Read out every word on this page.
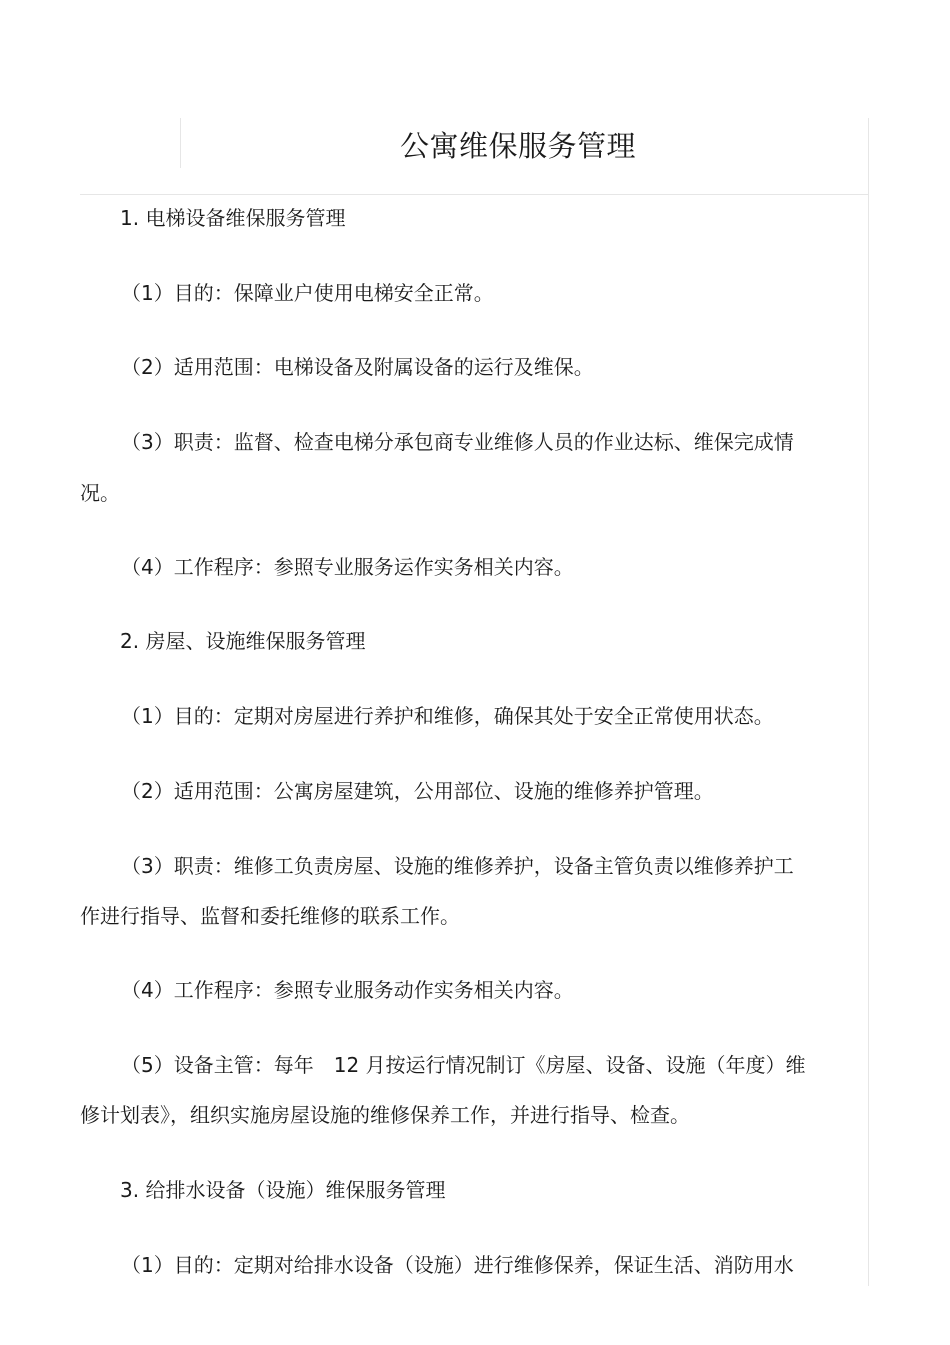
公寓维保服务管理

1. 电梯设备维保服务管理

（1）目的：保障业户使用电梯安全正常。

（2）适用范围：电梯设备及附属设备的运行及维保。

（3）职责：监督、检查电梯分承包商专业维修人员的作业达标、维保完成情

况。

（4）工作程序：参照专业服务运作实务相关内容。

2. 房屋、设施维保服务管理

（1）目的：定期对房屋进行养护和维修，确保其处于安全正常使用状态。

（2）适用范围：公寓房屋建筑，公用部位、设施的维修养护管理。

（3）职责：维修工负责房屋、设施的维修养护，设备主管负责以维修养护工

作进行指导、监督和委托维修的联系工作。

（4）工作程序：参照专业服务动作实务相关内容。

（5）设备主管：每年　12 月按运行情况制订《房屋、设备、设施（年度）维

修计划表》，组织实施房屋设施的维修保养工作，并进行指导、检查。

3. 给排水设备（设施）维保服务管理

（1）目的：定期对给排水设备（设施）进行维修保养，保证生活、消防用水
